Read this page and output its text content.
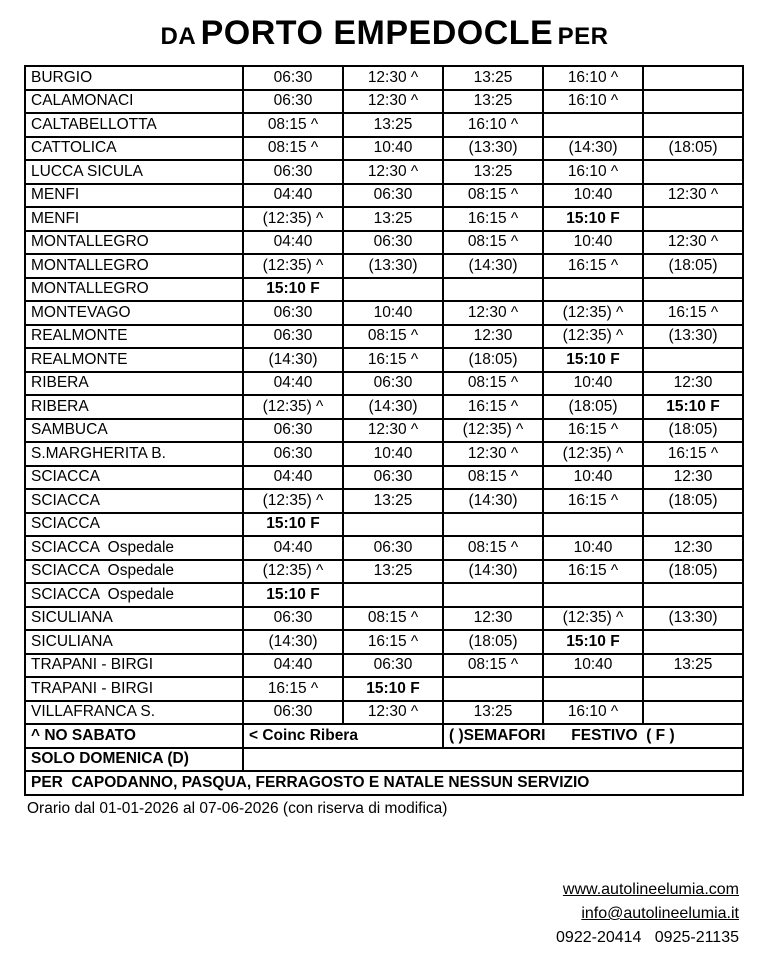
DA PORTO EMPEDOCLE PER
BURGIO	06:30	12:30 ^	13:25	16:10 ^	
CALAMONACI	06:30	12:30 ^	13:25	16:10 ^	
CALTABELLOTTA	08:15 ^	13:25	16:10 ^		
CATTOLICA	08:15 ^	10:40	(13:30)	(14:30)	(18:05)
LUCCA SICULA	06:30	12:30 ^	13:25	16:10 ^	
MENFI	04:40	06:30	08:15 ^	10:40	12:30 ^
MENFI	(12:35) ^	13:25	16:15 ^	15:10 F	
MONTALLEGRO	04:40	06:30	08:15 ^	10:40	12:30 ^
MONTALLEGRO	(12:35) ^	(13:30)	(14:30)	16:15 ^	(18:05)
MONTALLEGRO	15:10 F				
MONTEVAGO	06:30	10:40	12:30 ^	(12:35) ^	16:15 ^
REALMONTE	06:30	08:15 ^	12:30	(12:35) ^	(13:30)
REALMONTE	(14:30)	16:15 ^	(18:05)	15:10 F	
RIBERA	04:40	06:30	08:15 ^	10:40	12:30
RIBERA	(12:35) ^	(14:30)	16:15 ^	(18:05)	15:10 F
SAMBUCA	06:30	12:30 ^	(12:35) ^	16:15 ^	(18:05)
S.MARGHERITA B.	06:30	10:40	12:30 ^	(12:35) ^	16:15 ^
SCIACCA	04:40	06:30	08:15 ^	10:40	12:30
SCIACCA	(12:35) ^	13:25	(14:30)	16:15 ^	(18:05)
SCIACCA	15:10 F				
SCIACCA  Ospedale	04:40	06:30	08:15 ^	10:40	12:30
SCIACCA  Ospedale	(12:35) ^	13:25	(14:30)	16:15 ^	(18:05)
SCIACCA  Ospedale	15:10 F				
SICULIANA	06:30	08:15 ^	12:30	(12:35) ^	(13:30)
SICULIANA	(14:30)	16:15 ^	(18:05)	15:10 F	
TRAPANI - BIRGI	04:40	06:30	08:15 ^	10:40	13:25
TRAPANI - BIRGI	16:15 ^	15:10 F			
VILLAFRANCA S.	06:30	12:30 ^	13:25	16:10 ^	
^ NO SABATO	< Coinc Ribera		( )SEMAFORI      FESTIVO  ( F )		
SOLO DOMENICA (D)					
PER  CAPODANNO, PASQUA, FERRAGOSTO E NATALE NESSUN SERVIZIO					
Orario dal 01-01-2026 al 07-06-2026 (con riserva di modifica)
www.autolineelumia.com
info@autolineelumia.it
0922-20414   0925-21135
